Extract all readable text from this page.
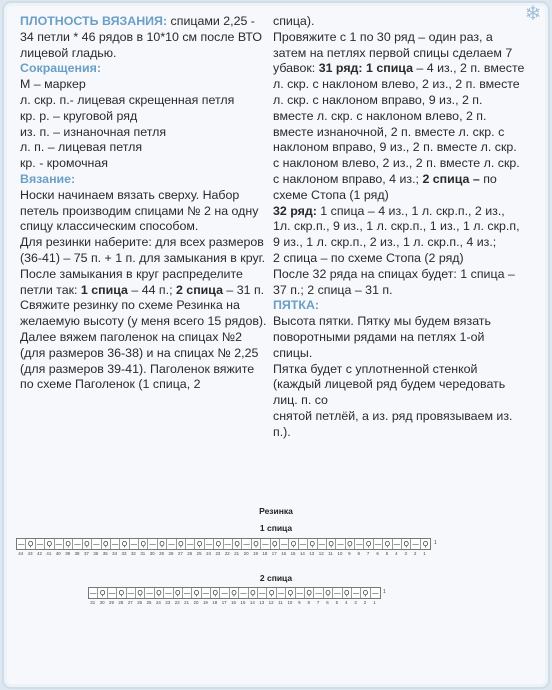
❄

ПЛОТНОСТЬ ВЯЗАНИЯ: спицами 2,25 - 34 петли * 46 рядов в 10*10 см после ВТО

лицевой гладью.

Сокращения:

М – маркер

л. скр. п.- лицевая скрещенная петля

кр. р. – круговой ряд

из. п. – изнаночная петля

л. п. – лицевая петля

кр. - кромочная

Вязание:

Носки начинаем вязать сверху. Набор петель производим спицами № 2 на одну спицу классическим способом.

Для резинки наберите: для всех размеров (36-41) – 75 п. + 1 п. для замыкания в круг.

После замыкания в круг распределите петли так: 1 спица – 44 п.; 2 спица – 31 п.

Свяжите резинку по схеме Резинка на желаемую высоту (у меня всего 15 рядов).

Далее вяжем паголенок на спицах №2 (для размеров 36-38) и на спицах № 2,25 (для размеров 39-41). Паголенок вяжите по схеме Паголенок (1 спица, 2

спица).

Провяжите с 1 по 30 ряд – один раз, а затем на петлях первой спицы сделаем 7 убавок: 31 ряд: 1 спица – 4 из., 2 п. вместе л. скр. с наклоном влево, 2 из., 2 п. вместе л. скр. с наклоном вправо, 9 из., 2 п. вместе л. скр. с наклоном влево, 2 п. вместе изнаночной, 2 п. вместе л. скр. с наклоном вправо, 9 из., 2 п. вместе л. скр. с наклоном влево, 2 из., 2 п. вместе л. скр. с наклоном вправо, 4 из.; 2 спица – по схеме Стопа (1 ряд)

32 ряд: 1 спица – 4 из., 1 л. скр.п., 2 из., 1л. скр.п., 9 из., 1 л. скр.п., 1 из., 1 л. скр.п, 9 из., 1 л. скр.п., 2 из., 1 л. скр.п., 4 из.;

2 спица – по схеме Стопа (2 ряд)

После 32 ряда на спицах будет: 1 спица – 37 п.; 2 спица – 31 п.

ПЯТКА:

Высота пятки. Пятку мы будем вязать поворотными рядами на петлях 1-ой спицы.

Пятка будет с уплотненной стенкой (каждый лицевой ряд будем чередовать лиц. п. со

снятой петлёй, а из. ряд провязываем из. п.).

Резинка
1 спица
— Ϙ — Ϙ — Ϙ — Ϙ — Ϙ — Ϙ — Ϙ — Ϙ — Ϙ — Ϙ — Ϙ — Ϙ — Ϙ — Ϙ — Ϙ — Ϙ — Ϙ — Ϙ — Ϙ — Ϙ — Ϙ — Ϙ	1
44	43	42	41	40	39	38	37	36	35	34	33	32	31	30	29	28	27	26	25	24	23	22	21	20	19	18	17	16	15	14	13	12	11	10	9	8	7	6	5	4	3	2	1
2 спица
— Ϙ — Ϙ — Ϙ — Ϙ — Ϙ — Ϙ — Ϙ — Ϙ — Ϙ — Ϙ — Ϙ — Ϙ — Ϙ — Ϙ — Ϙ — 1
31	30	29	28	27	26	25	24	23	22	21	20	19	18	17	16	15	14	13	12	11	10	9	8	7	6	5	4	3	2	1
